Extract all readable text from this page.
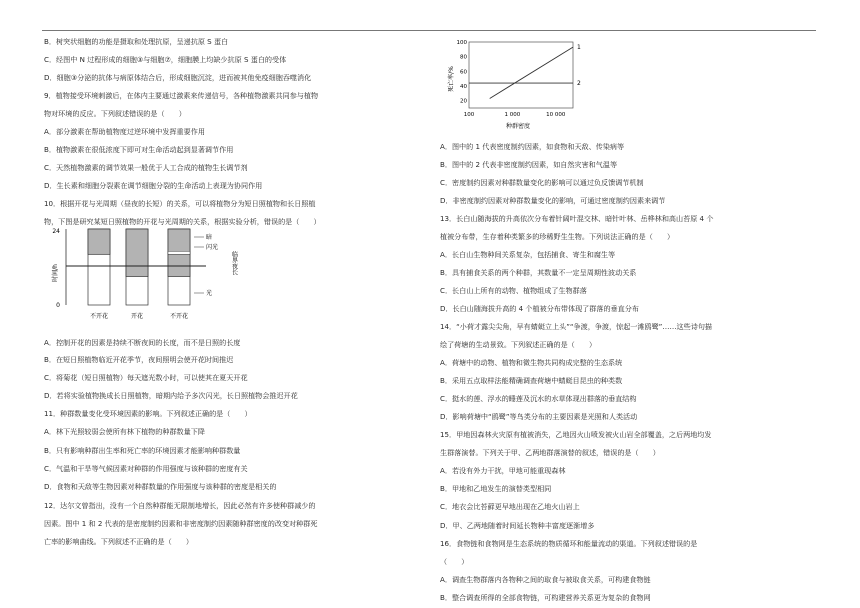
B．树突状细胞的功能是摄取和处理抗原，呈递抗原 S 蛋白
C．经图中 N 过程形成的细胞③与细胞⑦，细胞膜上均缺少抗原 S 蛋白的受体
D．细胞③分泌的抗体与病原体结合后，形成细胞沉淀，进而被其他免疫细胞吞噬消化
9．植物接受环境刺激后，在体内主要通过激素来传递信号，各种植物激素共同参与植物
物对环境的反应。下列叙述错误的是（　　）
A．部分激素在帮助植物度过逆环境中发挥重要作用
B．植物激素在很低浓度下即可对生命活动起到显著调节作用
C．天然植物激素的调节效果一般优于人工合成的植物生长调节剂
D．生长素和细胞分裂素在调节细胞分裂的生命活动上表现为协同作用
10．根据开花与光周期（昼夜的长短）的关系，可以将植物分为短日照植物和长日照植
物，下图是研究某短日照植物的开花与光周期的关系，根据实验分析，错误的是（　　）
A．控制开花的因素是持续不断夜间的长度，而不是日照的长度
B．在短日照植物临近开花季节，夜间照明会使开花时间推迟
C．将菊花（短日照植物）每天遮光数小时，可以使其在夏天开花
D．若将实验植物换成长日照植物，暗期内给予多次闪光，长日照植物会推迟开花
11．种群数量变化受环境因素的影响。下列叙述正确的是（　　）
A．林下光照较弱会使所有林下植物的种群数量下降
B．只有影响种群出生率和死亡率的环境因素才能影响种群数量
C．气温和干旱等气候因素对种群的作用强度与该种群的密度有关
D．食物和天敌等生物因素对种群数量的作用强度与该种群的密度是相关的
12．达尔文曾指出，没有一个自然种群能无限制地增长，因此必然有许多使种群减少的
因素。图中 1 和 2 代表的是密度制约因素和非密度制约因素随种群密度的改变对种群死
亡率的影响曲线。下列叙述不正确的是（　　）
A．图中的 1 代表密度制约因素，如食物和天敌、传染病等
B．图中的 2 代表非密度制约因素，如自然灾害和气温等
C．密度制约因素对种群数量变化的影响可以通过负反馈调节机制
D．非密度制约因素对种群数量变化的影响，可通过密度制约因素来调节
13．长白山随海拔的升高依次分布着针阔叶混交林、暗针叶林、岳桦林和高山苔原 4 个
植被分布带，生存着种类繁多的珍稀野生生物。下列说法正确的是（　　）
A．长白山生物种间关系复杂，包括捕食、寄生和腐生等
B．具有捕食关系的两个种群，其数量不一定呈周期性波动关系
C．长白山上所有的动物、植物组成了生物群落
D．长白山随海拔升高的 4 个植被分布带体现了群落的垂直分布
14．“小荷才露尖尖角，早有蜻蜓立上头”“争渡，争渡，惊起一滩鸥鹭”……这些诗句描
绘了荷塘的生动景致。下列叙述正确的是（　　）
A．荷塘中的动物、植物和微生物共同构成完整的生态系统
B．采用五点取样法能精确调查荷塘中蜻蜓目昆虫的种类数
C．挺水的莲、浮水的睡莲及沉水的水草体现出群落的垂直结构
D．影响荷塘中“鸥鹭”等鸟类分布的主要因素是光照和人类活动
15．甲地因森林火灾原有植被消失，乙地因火山喷发被火山岩全部覆盖，之后两地均发
生群落演替。下列关于甲、乙两地群落演替的叙述，错误的是（　　）
A．若没有外力干扰，甲地可能重现森林
B．甲地和乙地发生的演替类型相同
C．地衣会比苔藓更早地出现在乙地火山岩上
D．甲、乙两地随着时间延长物种丰富度逐渐增多
16．食物链和食物网是生态系统的物质循环和能量流动的渠道。下列叙述错误的是
（　　）
A．调查生物群落内各物种之间的取食与被取食关系，可构建食物链
B．整合调查所得的全部食物链，可构建营养关系更为复杂的食物网
24
0
时间/h
不开花	开花	不开花
暗
闪光
临界夜长
光
死亡率/%
100
80
60
40
20
100	1 000	10 000
1
2
种群密度
